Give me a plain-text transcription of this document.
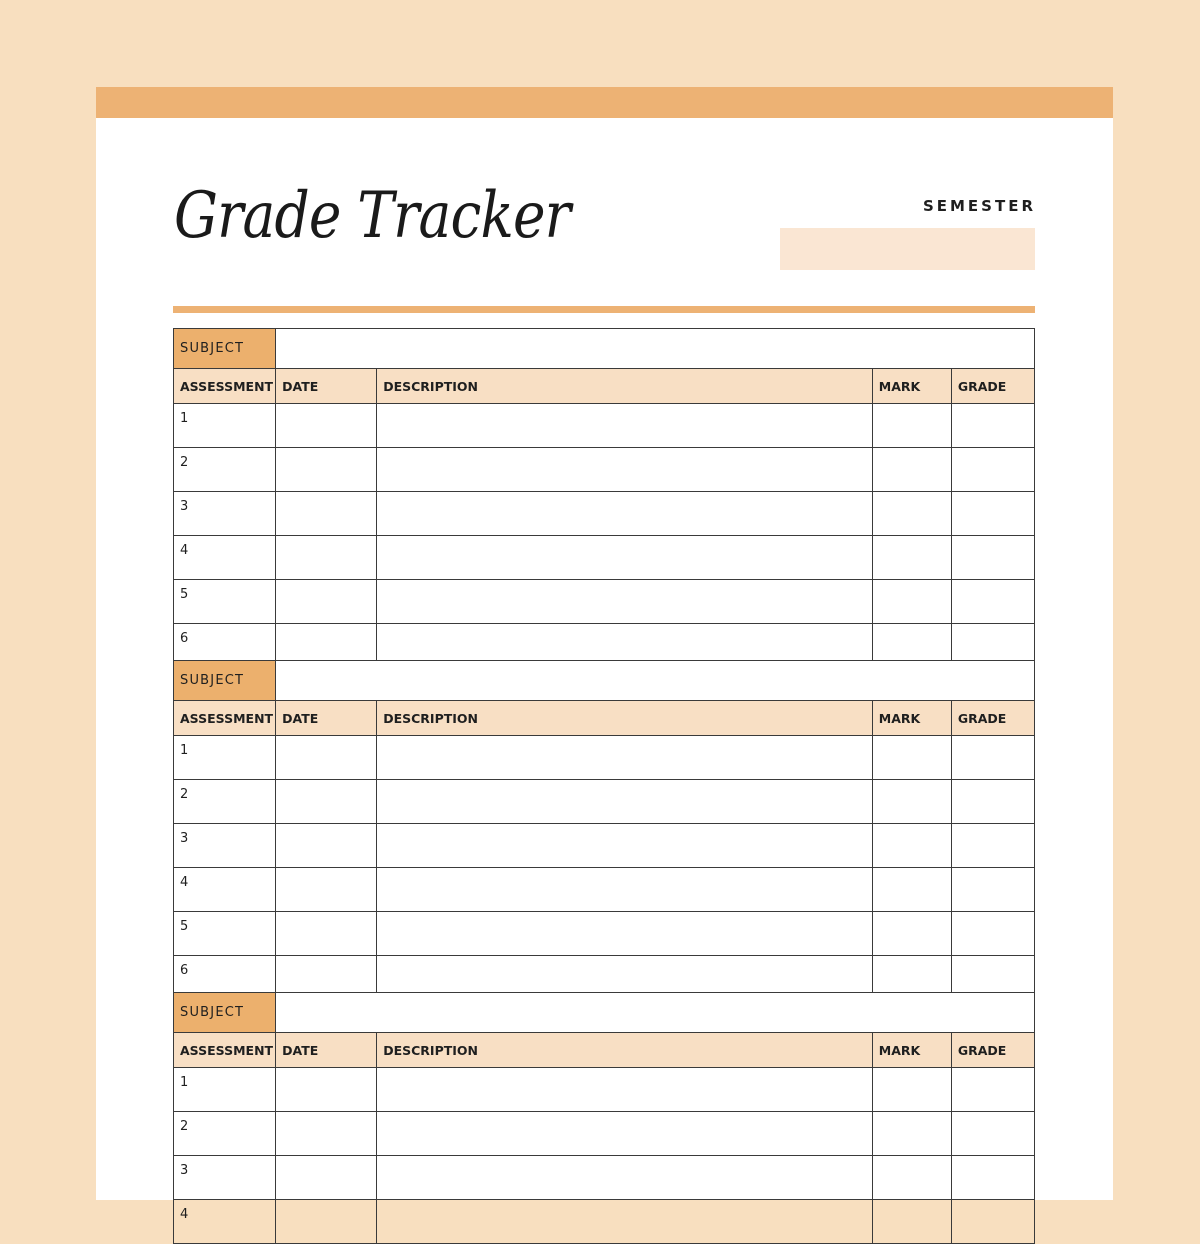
Grade Tracker	SEMESTER
SUBJECT				
ASSESSMENT	DATE	DESCRIPTION	MARK	GRADE
1				
2				
3				
4				
5				
6				
SUBJECT				
ASSESSMENT	DATE	DESCRIPTION	MARK	GRADE
1				
2				
3				
4				
5				
6				
SUBJECT				
ASSESSMENT	DATE	DESCRIPTION	MARK	GRADE
1				
2				
3				
4				
